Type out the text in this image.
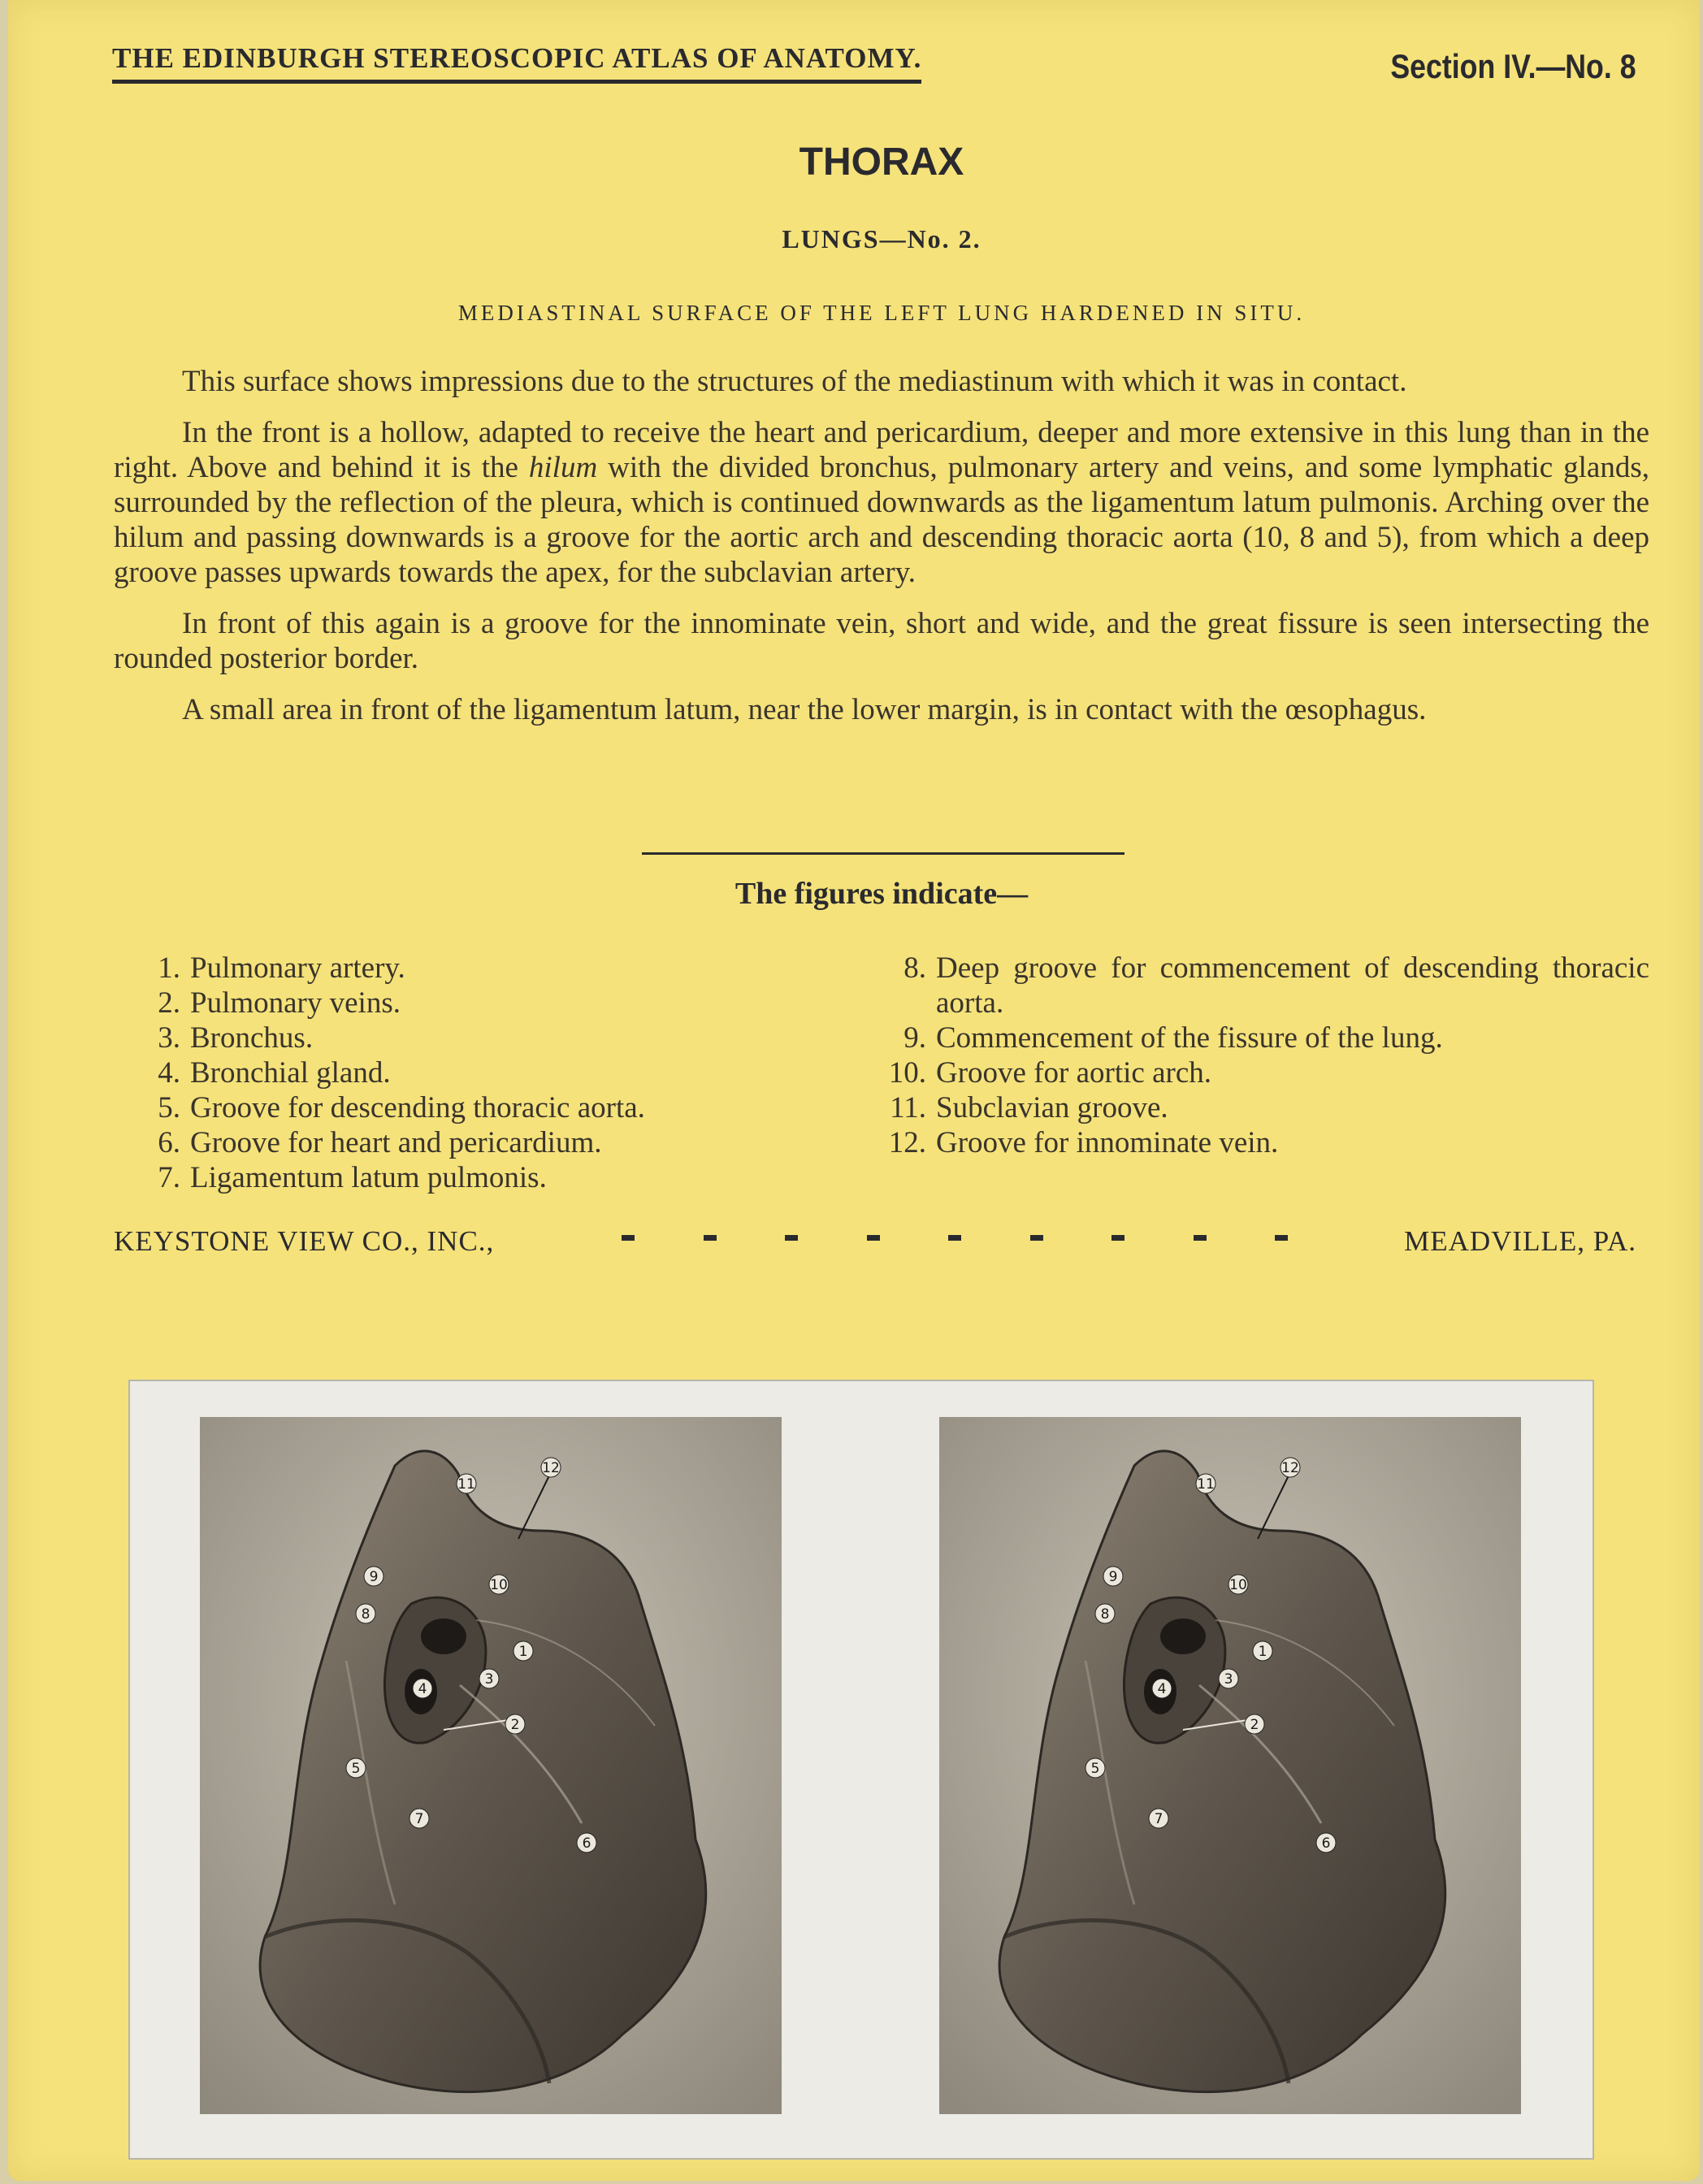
THE EDINBURGH STEREOSCOPIC ATLAS OF ANATOMY.	Section IV.—No. 8
THORAX
LUNGS—No. 2.
MEDIASTINAL SURFACE OF THE LEFT LUNG HARDENED IN SITU.

This surface shows impressions due to the structures of the mediastinum with which it was in contact.

In the front is a hollow, adapted to receive the heart and pericardium, deeper and more extensive in this lung than in the right. Above and behind it is the hilum with the divided bronchus, pulmonary artery and veins, and some lymphatic glands, surrounded by the reflection of the pleura, which is continued downwards as the ligamentum latum pulmonis. Arching over the hilum and passing downwards is a groove for the aortic arch and descending thoracic aorta (10, 8 and 5), from which a deep groove passes upwards towards the apex, for the subclavian artery.

In front of this again is a groove for the innominate vein, short and wide, and the great fissure is seen intersecting the rounded posterior border.

A small area in front of the ligamentum latum, near the lower margin, is in contact with the œsophagus.

The figures indicate—
1. Pulmonary artery.
2. Pulmonary veins.
3. Bronchus.
4. Bronchial gland.
5. Groove for descending thoracic aorta.
6. Groove for heart and pericardium.
7. Ligamentum latum pulmonis.
8. Deep groove for commencement of descending thoracic aorta.
9. Commencement of the fissure of the lung.
10. Groove for aortic arch.
11. Subclavian groove.
12. Groove for innominate vein.
KEYSTONE VIEW CO., INC.,	MEADVILLE, PA.
12
11
10
9
8
1
3
4
2
5
7
6
12
11
10
9
8
1
3
4
2
5
7
6
